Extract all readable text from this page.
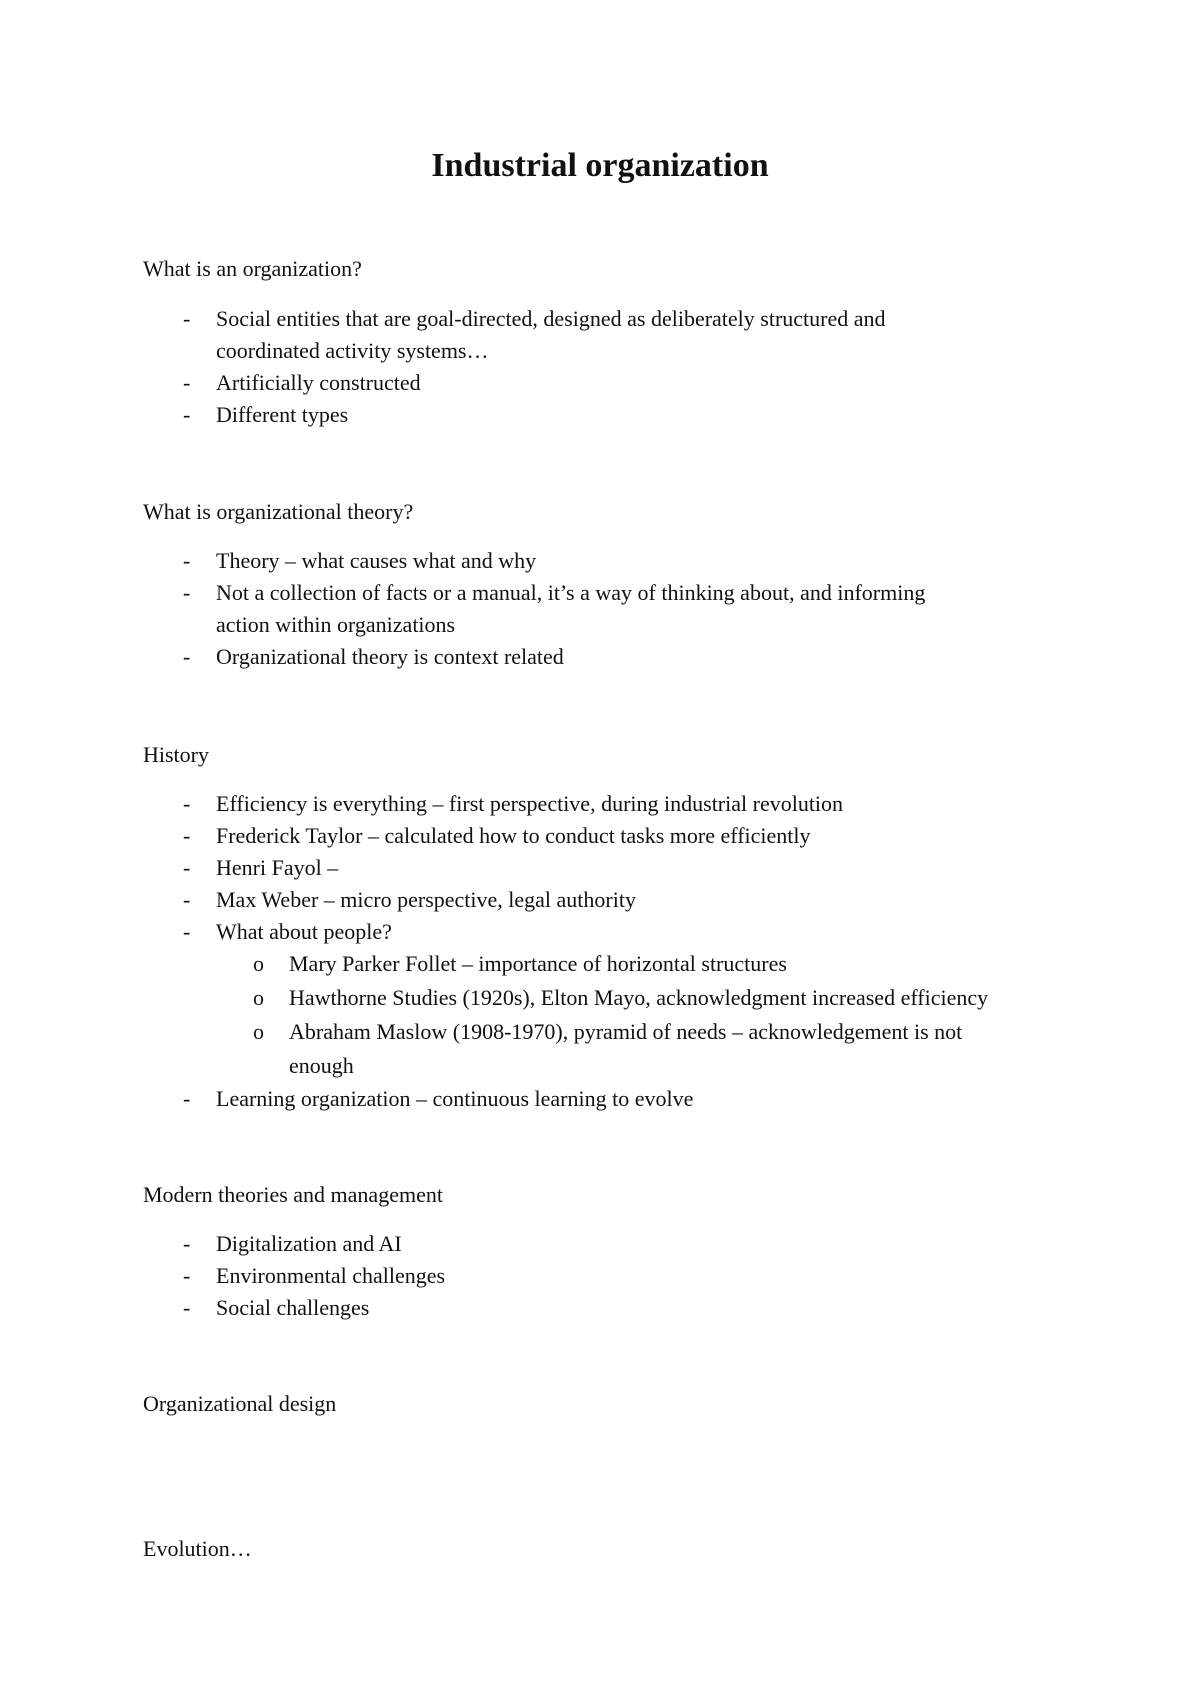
Industrial organization

What is an organization?

- Social entities that are goal-directed, designed as deliberately structured and
coordinated activity systems…
- Artificially constructed
- Different types

What is organizational theory?

- Theory – what causes what and why
- Not a collection of facts or a manual, it’s a way of thinking about, and informing
action within organizations
- Organizational theory is context related

History

- Efficiency is everything – first perspective, during industrial revolution
- Frederick Taylor – calculated how to conduct tasks more efficiently
- Henri Fayol –
- Max Weber – micro perspective, legal authority
- What about people?
o Mary Parker Follet – importance of horizontal structures
o Hawthorne Studies (1920s), Elton Mayo, acknowledgment increased efficiency
o Abraham Maslow (1908-1970), pyramid of needs – acknowledgement is not
enough
- Learning organization – continuous learning to evolve

Modern theories and management

- Digitalization and AI
- Environmental challenges
- Social challenges

Organizational design

Evolution…
